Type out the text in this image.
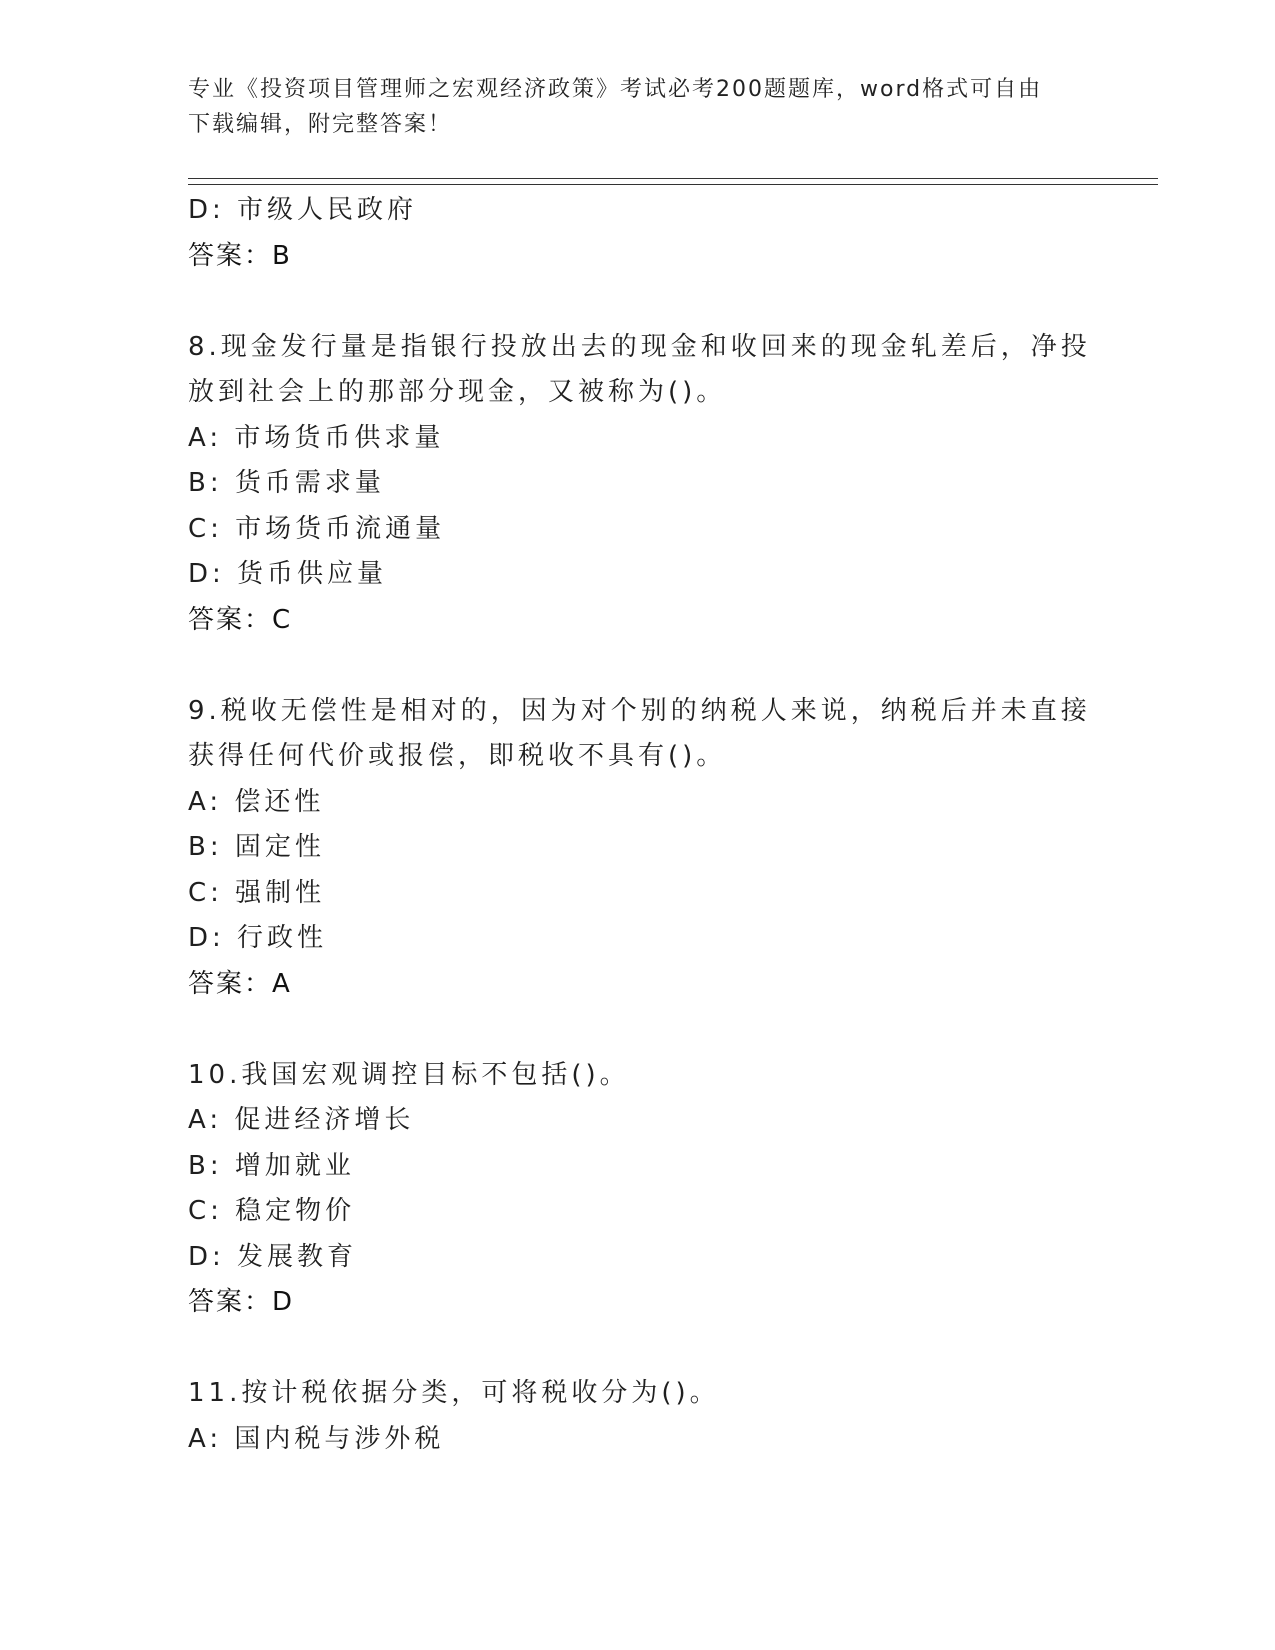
专业《投资项目管理师之宏观经济政策》考试必考200题题库，word格式可自由
下载编辑，附完整答案！
D: 市级人民政府
答案：B
8.现金发行量是指银行投放出去的现金和收回来的现金轧差后，净投
放到社会上的那部分现金，又被称为()。
A: 市场货币供求量
B: 货币需求量
C: 市场货币流通量
D: 货币供应量
答案：C
9.税收无偿性是相对的，因为对个别的纳税人来说，纳税后并未直接
获得任何代价或报偿，即税收不具有()。
A: 偿还性
B: 固定性
C: 强制性
D: 行政性
答案：A
10.我国宏观调控目标不包括()。
A: 促进经济增长
B: 增加就业
C: 稳定物价
D: 发展教育
答案：D
11.按计税依据分类，可将税收分为()。
A: 国内税与涉外税
